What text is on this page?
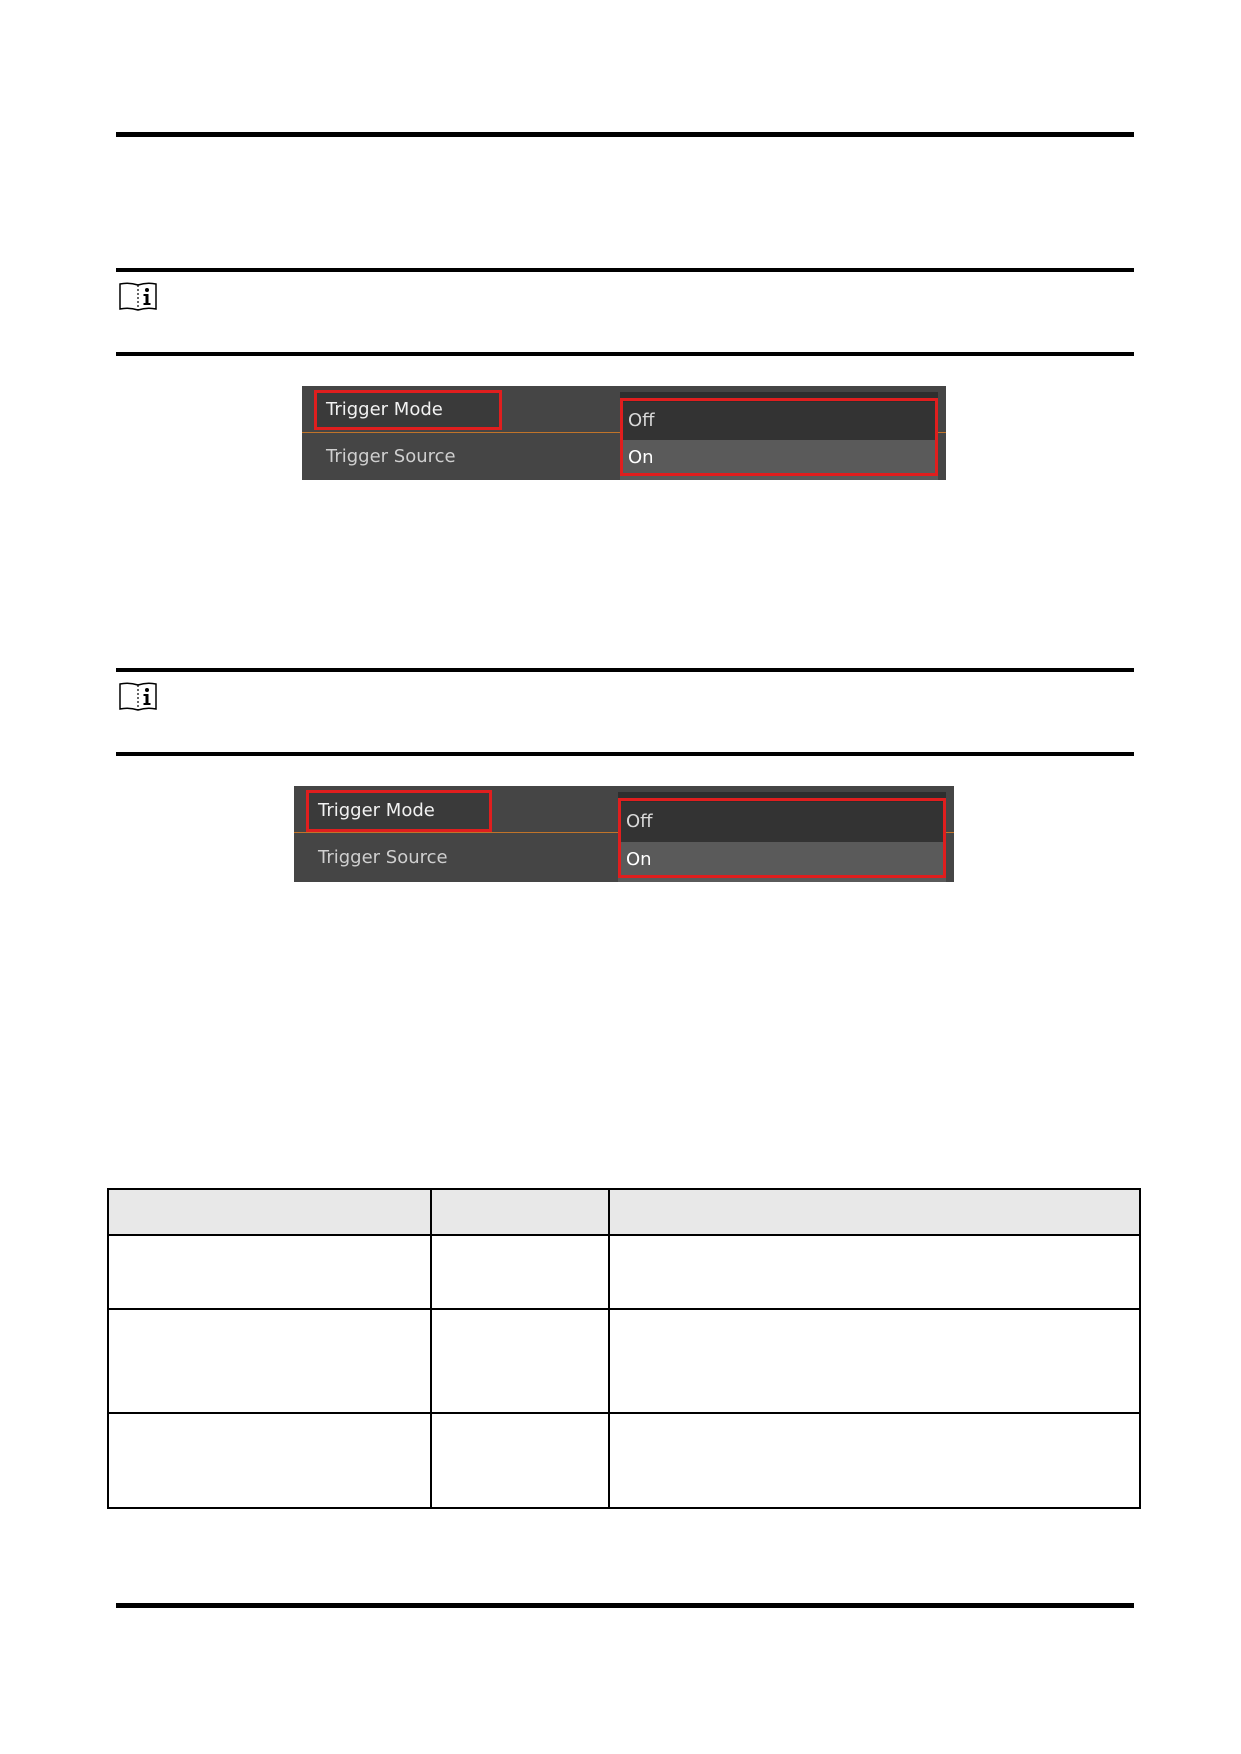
Trigger Mode
Trigger Source
Off
On
Trigger Mode
Trigger Source
Off
On
